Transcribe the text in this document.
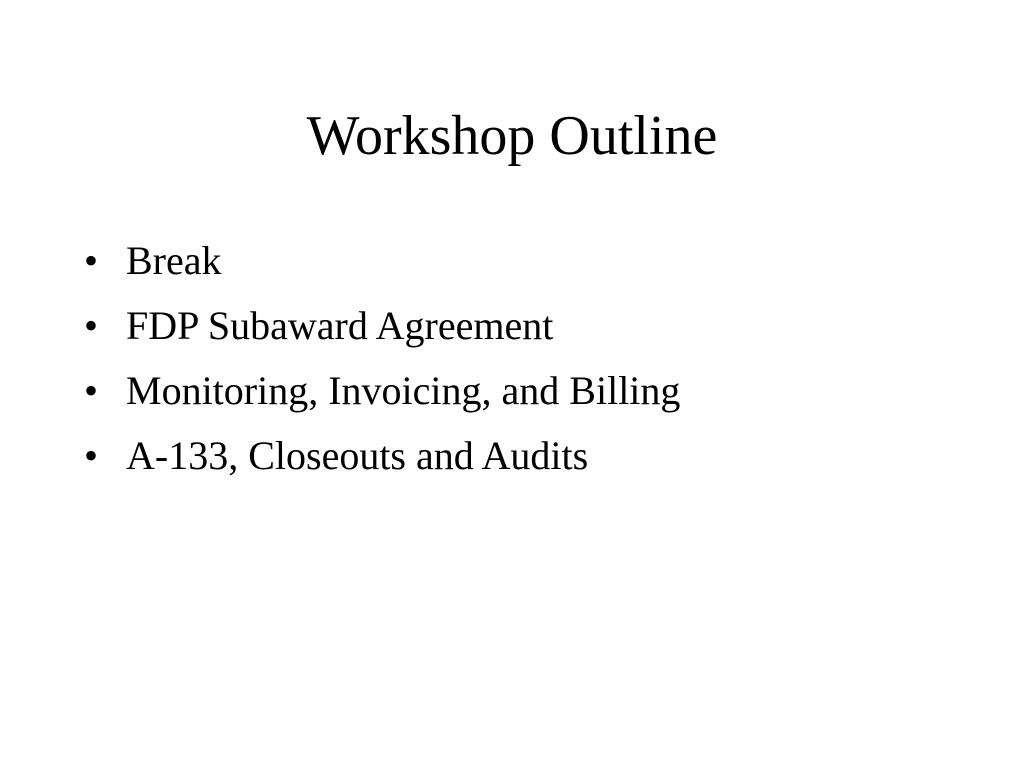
Workshop Outline
• Break
• FDP Subaward Agreement
• Monitoring, Invoicing, and Billing
• A-133, Closeouts and Audits
